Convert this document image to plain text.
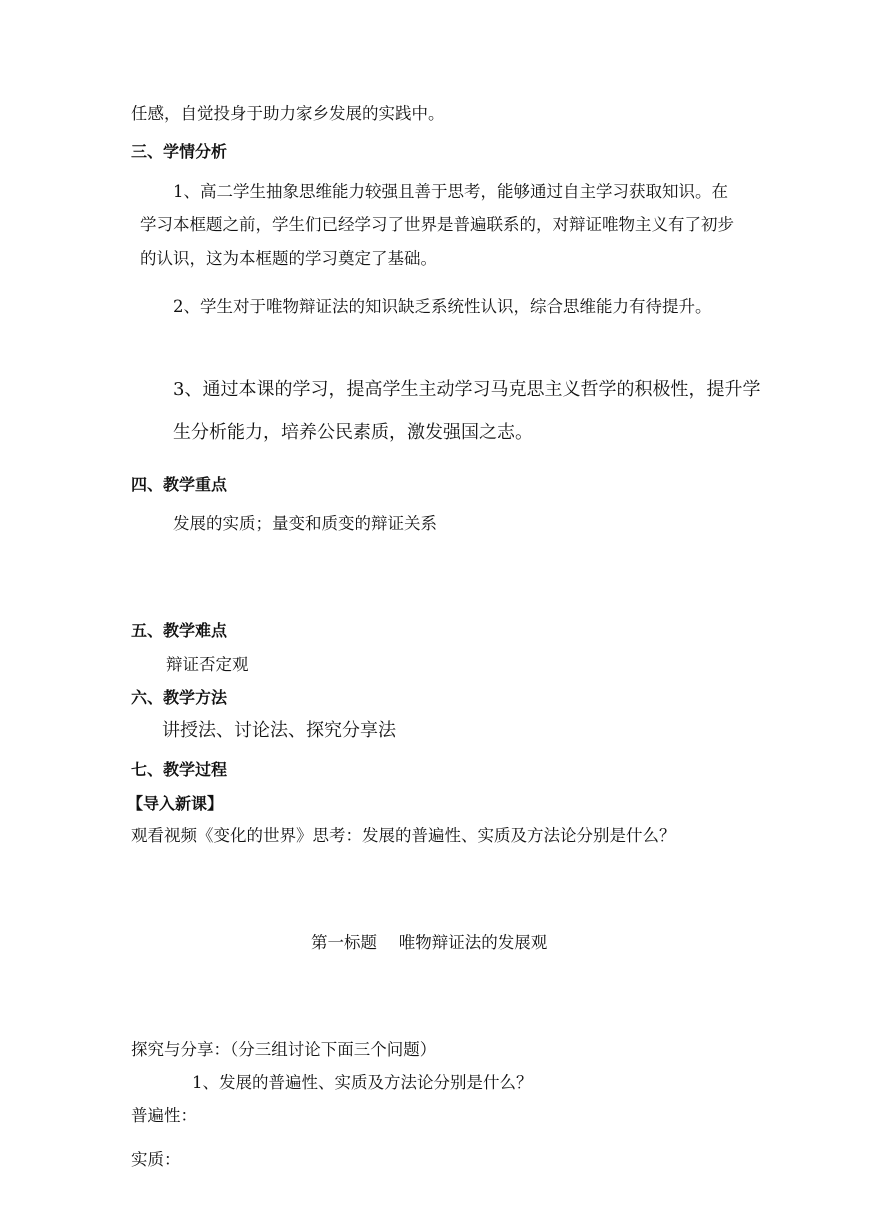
任感，自觉投身于助力家乡发展的实践中。
三、学情分析
1、高二学生抽象思维能力较强且善于思考，能够通过自主学习获取知识。在
学习本框题之前，学生们已经学习了世界是普遍联系的，对辩证唯物主义有了初步
的认识，这为本框题的学习奠定了基础。
2、学生对于唯物辩证法的知识缺乏系统性认识，综合思维能力有待提升。
3、通过本课的学习，提高学生主动学习马克思主义哲学的积极性，提升学
生分析能力，培养公民素质，激发强国之志。
四、教学重点
发展的实质；量变和质变的辩证关系
五、教学难点
辩证否定观
六、教学方法
讲授法、讨论法、探究分享法
七、教学过程
【导入新课】
观看视频《变化的世界》思考：发展的普遍性、实质及方法论分别是什么？
第一标题　 唯物辩证法的发展观
探究与分享：（分三组讨论下面三个问题）
1、发展的普遍性、实质及方法论分别是什么？
普遍性：
实质：
